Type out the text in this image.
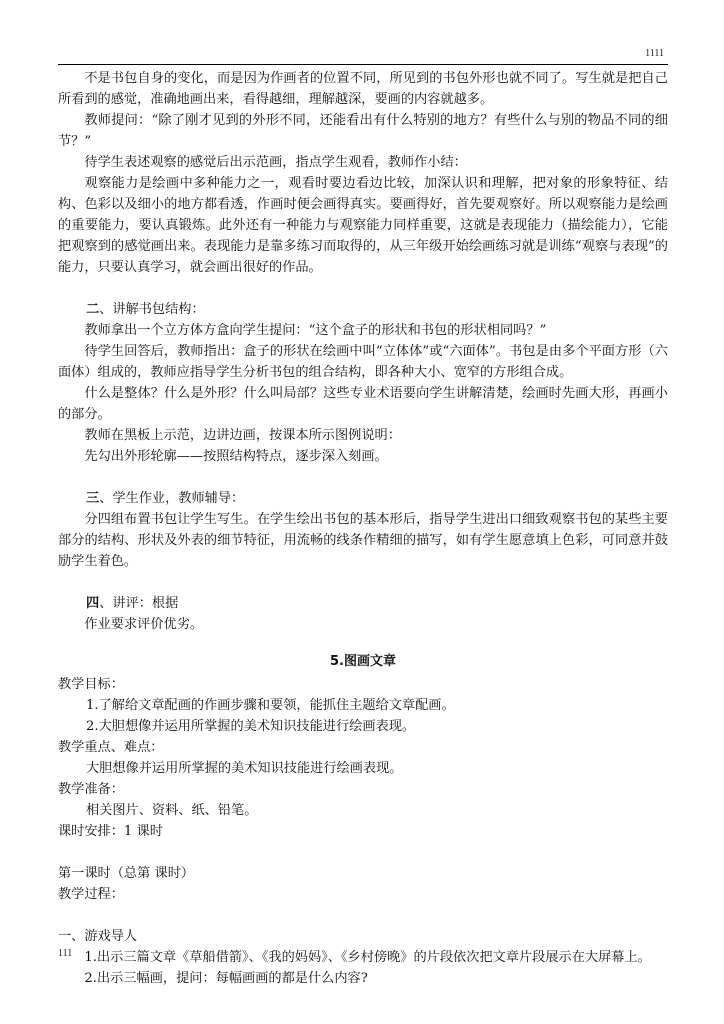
1111

不是书包自身的变化，而是因为作画者的位置不同，所见到的书包外形也就不同了。写生就是把自己所看到的感觉，准确地画出来，看得越细，理解越深，要画的内容就越多。

教师提问：“除了刚才见到的外形不同，还能看出有什么特别的地方？有些什么与别的物品不同的细节？”

待学生表述观察的感觉后出示范画，指点学生观看，教师作小结：

观察能力是绘画中多种能力之一，观看时要边看边比较，加深认识和理解，把对象的形象特征、结构、色彩以及细小的地方都看透，作画时便会画得真实。要画得好，首先要观察好。所以观察能力是绘画的重要能力，要认真锻炼。此外还有一种能力与观察能力同样重要，这就是表现能力（描绘能力），它能把观察到的感觉画出来。表现能力是靠多练习而取得的，从三年级开始绘画练习就是训练“观察与表现”的能力，只要认真学习，就会画出很好的作品。

二、讲解书包结构：

教师拿出一个立方体方盒向学生提问：“这个盒子的形状和书包的形状相同吗？”

待学生回答后，教师指出：盒子的形状在绘画中叫“立体体”或“六面体”。书包是由多个平面方形（六面体）组成的，教师应指导学生分析书包的组合结构，即各种大小、宽窄的方形组合成。

什么是整体？什么是外形？什么叫局部？这些专业术语要向学生讲解清楚，绘画时先画大形，再画小的部分。

教师在黑板上示范，边讲边画，按课本所示图例说明：

先勾出外形轮廓——按照结构特点，逐步深入刻画。

三、学生作业，教师辅导：

分四组布置书包让学生写生。在学生绘出书包的基本形后，指导学生进出口细致观察书包的某些主要部分的结构、形状及外表的细节特征，用流畅的线条作精细的描写，如有学生愿意填上色彩，可同意并鼓励学生着色。

四、讲评：根据

作业要求评价优劣。

5.图画文章

教学目标：

1.了解给文章配画的作画步骤和要领，能抓住主题给文章配画。

2.大胆想像并运用所掌握的美术知识技能进行绘画表现。

教学重点、难点：

大胆想像并运用所掌握的美术知识技能进行绘画表现。

教学准备：

相关图片、资料、纸、铅笔。

课时安排：1 课时

第一课时（总第 课时）

教学过程：

一、游戏导人

1.出示三篇文章《草船借箭》、《我的妈妈》、《乡村傍晚》的片段依次把文章片段展示在大屏幕上。

2.出示三幅画，提问：每幅画画的都是什么内容?

111
